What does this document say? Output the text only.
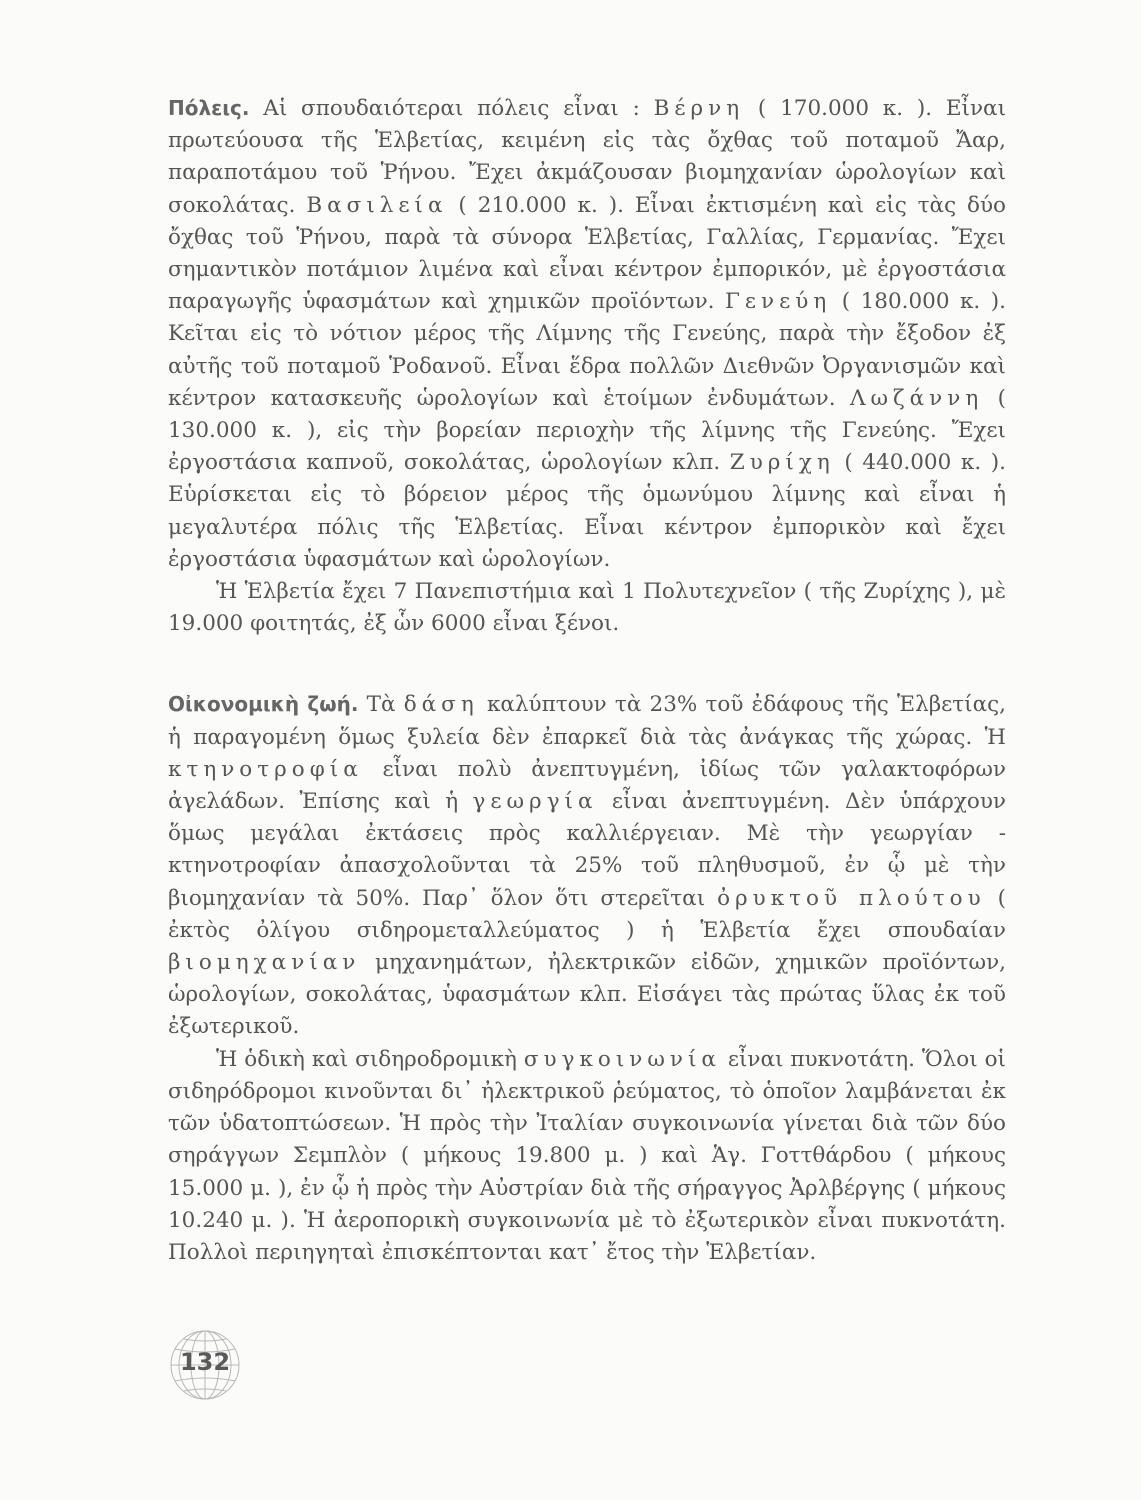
Πόλεις. Αἱ σπουδαιότεραι πόλεις εἶναι : Βέρνη ( 170.000 κ. ). Εἶναι πρωτεύουσα τῆς Ἑλβετίας, κειμένη εἰς τὰς ὄχθας τοῦ ποταμοῦ Ἄαρ, παραποτάμου τοῦ Ῥήνου. Ἔχει ἀκμάζουσαν βιομηχανίαν ὡρολογίων καὶ σοκολάτας. Βασιλεία ( 210.000 κ. ). Εἶναι ἐκτισμένη καὶ εἰς τὰς δύο ὄχθας τοῦ Ῥήνου, παρὰ τὰ σύνορα Ἑλβετίας, Γαλλίας, Γερμανίας. Ἔχει σημαντικὸν ποτάμιον λιμένα καὶ εἶναι κέντρον ἐμπορικόν, μὲ ἐργοστάσια παραγωγῆς ὑφασμάτων καὶ χημικῶν προϊόντων. Γενεύη ( 180.000 κ. ). Κεῖται εἰς τὸ νότιον μέρος τῆς Λίμνης τῆς Γενεύης, παρὰ τὴν ἔξοδον ἐξ αὐτῆς τοῦ ποταμοῦ Ῥοδανοῦ. Εἶναι ἕδρα πολλῶν Διεθνῶν Ὀργανισμῶν καὶ κέντρον κατασκευῆς ὡρολογίων καὶ ἑτοίμων ἐνδυμάτων. Λωζάννη ( 130.000 κ. ), εἰς τὴν βορείαν περιοχὴν τῆς λίμνης τῆς Γενεύης. Ἔχει ἐργοστάσια καπνοῦ, σοκολάτας, ὡρολογίων κλπ. Ζυρίχη ( 440.000 κ. ). Εὑρίσκεται εἰς τὸ βόρειον μέρος τῆς ὁμωνύμου λίμνης καὶ εἶναι ἡ μεγαλυτέρα πόλις τῆς Ἑλβετίας. Εἶναι κέντρον ἐμπορικὸν καὶ ἔχει ἐργοστάσια ὑφασμάτων καὶ ὡρολογίων.

Ἡ Ἑλβετία ἔχει 7 Πανεπιστήμια καὶ 1 Πολυτεχνεῖον ( τῆς Ζυρίχης ), μὲ 19.000 φοιτητάς, ἐξ ὧν 6000 εἶναι ξένοι.

Οἰκονομικὴ ζωή. Τὰ δάση καλύπτουν τὰ 23% τοῦ ἐδάφους τῆς Ἑλβετίας, ἡ παραγομένη ὅμως ξυλεία δὲν ἐπαρκεῖ διὰ τὰς ἀνάγκας τῆς χώρας. Ἡ κτηνοτροφία εἶναι πολὺ ἀνεπτυγμένη, ἰδίως τῶν γαλακτοφόρων ἀγελάδων. Ἐπίσης καὶ ἡ γεωργία εἶναι ἀνεπτυγμένη. Δὲν ὑπάρχουν ὅμως μεγάλαι ἐκτάσεις πρὸς καλλιέργειαν. Μὲ τὴν γεωργίαν - κτηνοτροφίαν ἀπασχολοῦνται τὰ 25% τοῦ πληθυσμοῦ, ἐν ᾧ μὲ τὴν βιομηχανίαν τὰ 50%. Παρ᾽ ὅλον ὅτι στερεῖται ὀρυκτοῦ πλούτου ( ἐκτὸς ὀλίγου σιδηρομεταλλεύματος ) ἡ Ἑλβετία ἔχει σπουδαίαν βιομηχανίαν μηχανημάτων, ἠλεκτρικῶν εἰδῶν, χημικῶν προϊόντων, ὡρολογίων, σοκολάτας, ὑφασμάτων κλπ. Εἰσάγει τὰς πρώτας ὕλας ἐκ τοῦ ἐξωτερικοῦ.

Ἡ ὁδικὴ καὶ σιδηροδρομικὴ συγκοινωνία εἶναι πυκνοτάτη. Ὅλοι οἱ σιδηρόδρομοι κινοῦνται δι᾽ ἠλεκτρικοῦ ῥεύματος, τὸ ὁποῖον λαμβάνεται ἐκ τῶν ὑδατοπτώσεων. Ἡ πρὸς τὴν Ἰταλίαν συγκοινωνία γίνεται διὰ τῶν δύο σηράγγων Σεμπλὸν ( μήκους 19.800 μ. ) καὶ Ἁγ. Γοττθάρδου ( μήκους 15.000 μ. ), ἐν ᾧ ἡ πρὸς τὴν Αὐστρίαν διὰ τῆς σήραγγος Ἀρλβέργης ( μήκους 10.240 μ. ). Ἡ ἀεροπορικὴ συγκοινωνία μὲ τὸ ἐξωτερικὸν εἶναι πυκνοτάτη. Πολλοὶ περιηγηταὶ ἐπισκέπτονται κατ᾽ ἔτος τὴν Ἑλβετίαν.

132
